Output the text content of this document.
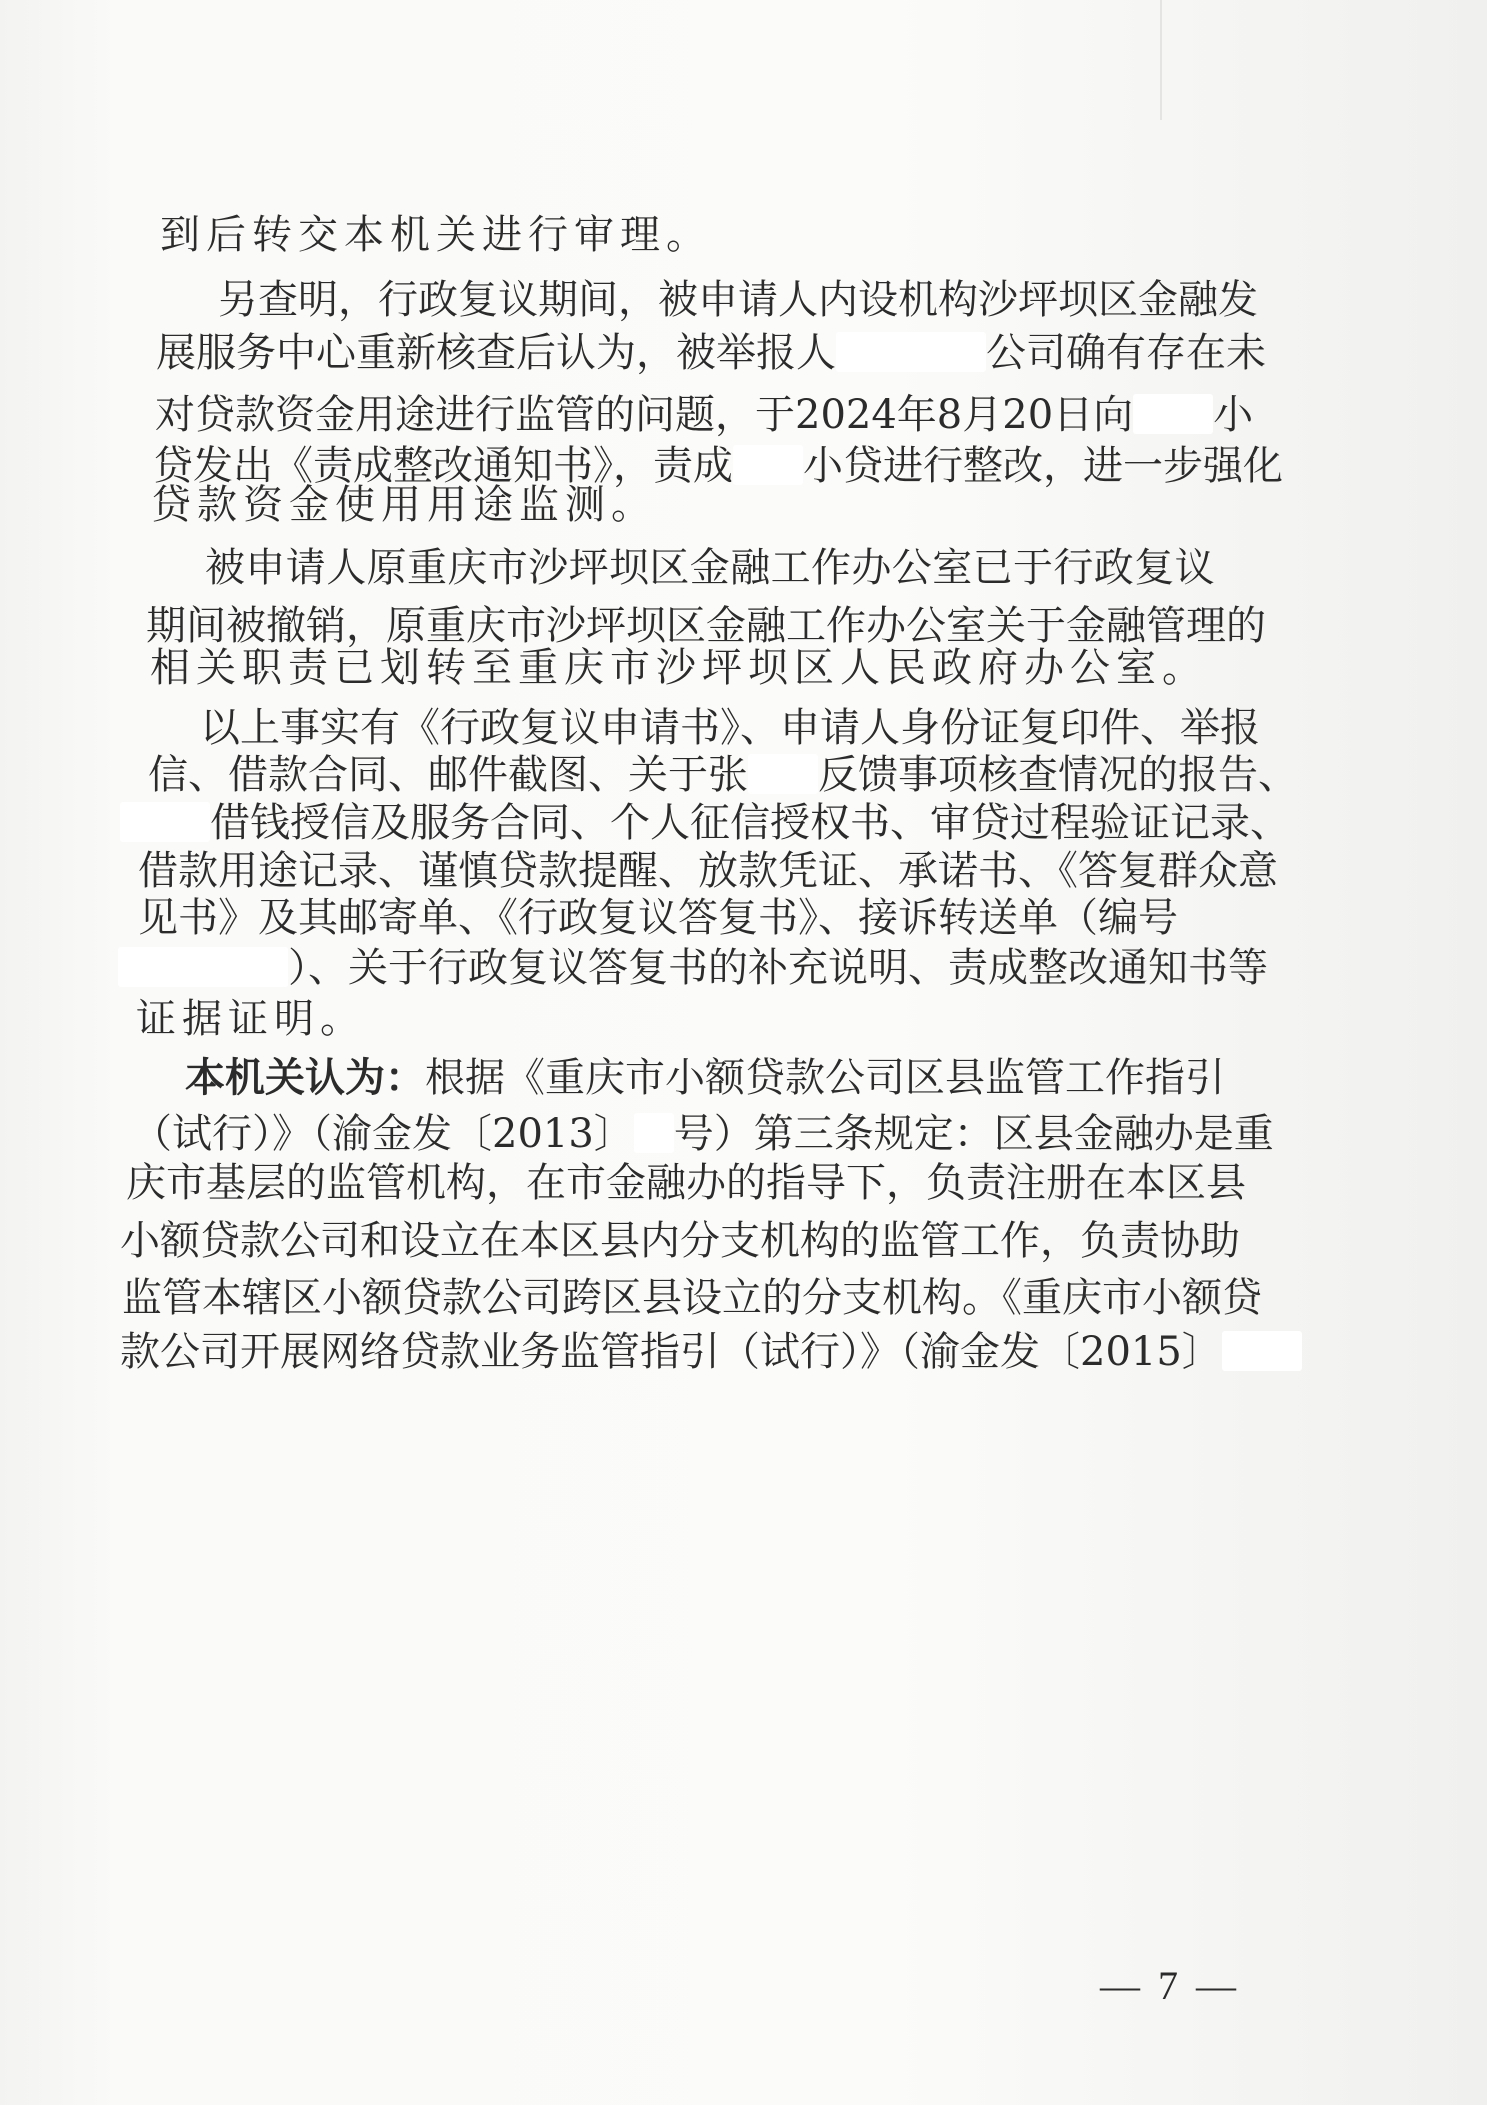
到后转交本机关进行审理。
另查明，行政复议期间，被申请人内设机构沙坪坝区金融发
展服务中心重新核查后认为，被举报人	公司确有存在未
对贷款资金用途进行监管的问题，于2024年8月20日向 小
贷发出《责成整改通知书》，责成 小贷进行整改，进一步强化
贷款资金使用用途监测。
被申请人原重庆市沙坪坝区金融工作办公室已于行政复议
期间被撤销，原重庆市沙坪坝区金融工作办公室关于金融管理的
相关职责已划转至重庆市沙坪坝区人民政府办公室。
以上事实有《行政复议申请书》、申请人身份证复印件、举报
信、借款合同、邮件截图、关于张 反馈事项核查情况的报告、
借钱授信及服务合同、个人征信授权书、审贷过程验证记录、
借款用途记录、谨慎贷款提醒、放款凭证、承诺书、《答复群众意
见书》及其邮寄单、《行政复议答复书》、接诉转送单（编号
）、关于行政复议答复书的补充说明、责成整改通知书等
证据证明。
本机关认为：根据《重庆市小额贷款公司区县监管工作指引
（试行）》（渝金发〔2013〕 号）第三条规定：区县金融办是重
庆市基层的监管机构，在市金融办的指导下，负责注册在本区县
小额贷款公司和设立在本区县内分支机构的监管工作，负责协助
监管本辖区小额贷款公司跨区县设立的分支机构。《重庆市小额贷
款公司开展网络贷款业务监管指引（试行）》（渝金发〔2015〕
— 7 —
